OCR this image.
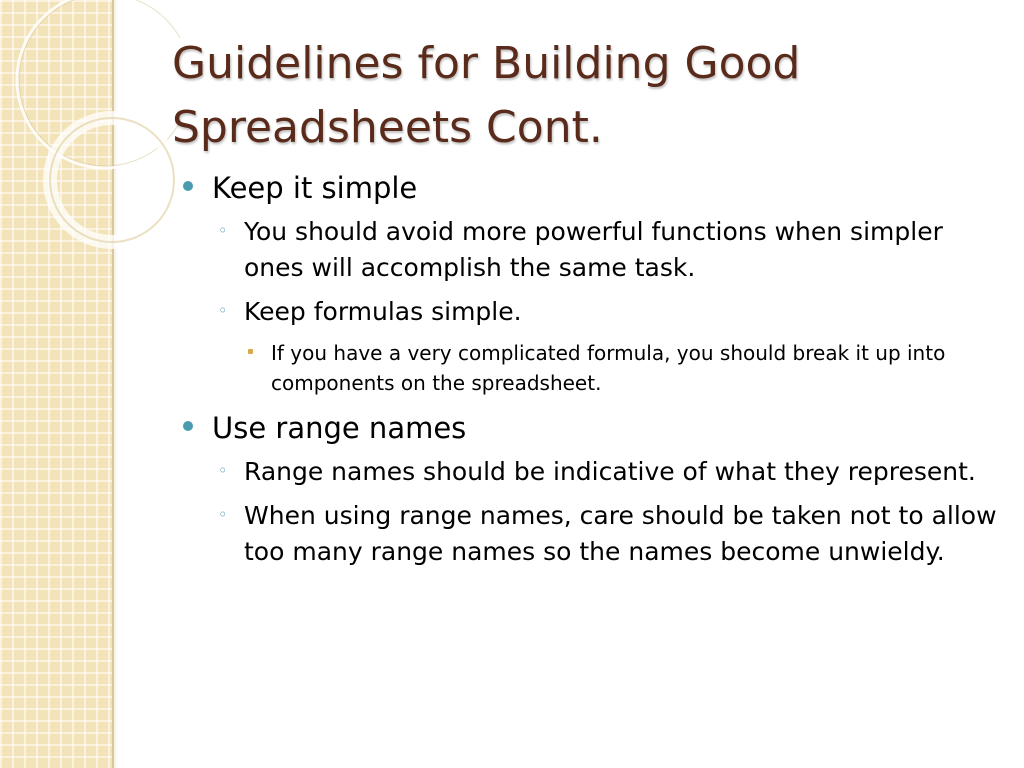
Guidelines for Building Good Spreadsheets Cont.
Keep it simple
◦ You should avoid more powerful functions when simpler ones will accomplish the same task.
◦ Keep formulas simple.
If you have a very complicated formula, you should break it up into components on the spreadsheet.
Use range names
◦ Range names should be indicative of what they represent.
◦ When using range names, care should be taken not to allow too many range names so the names become unwieldy.
